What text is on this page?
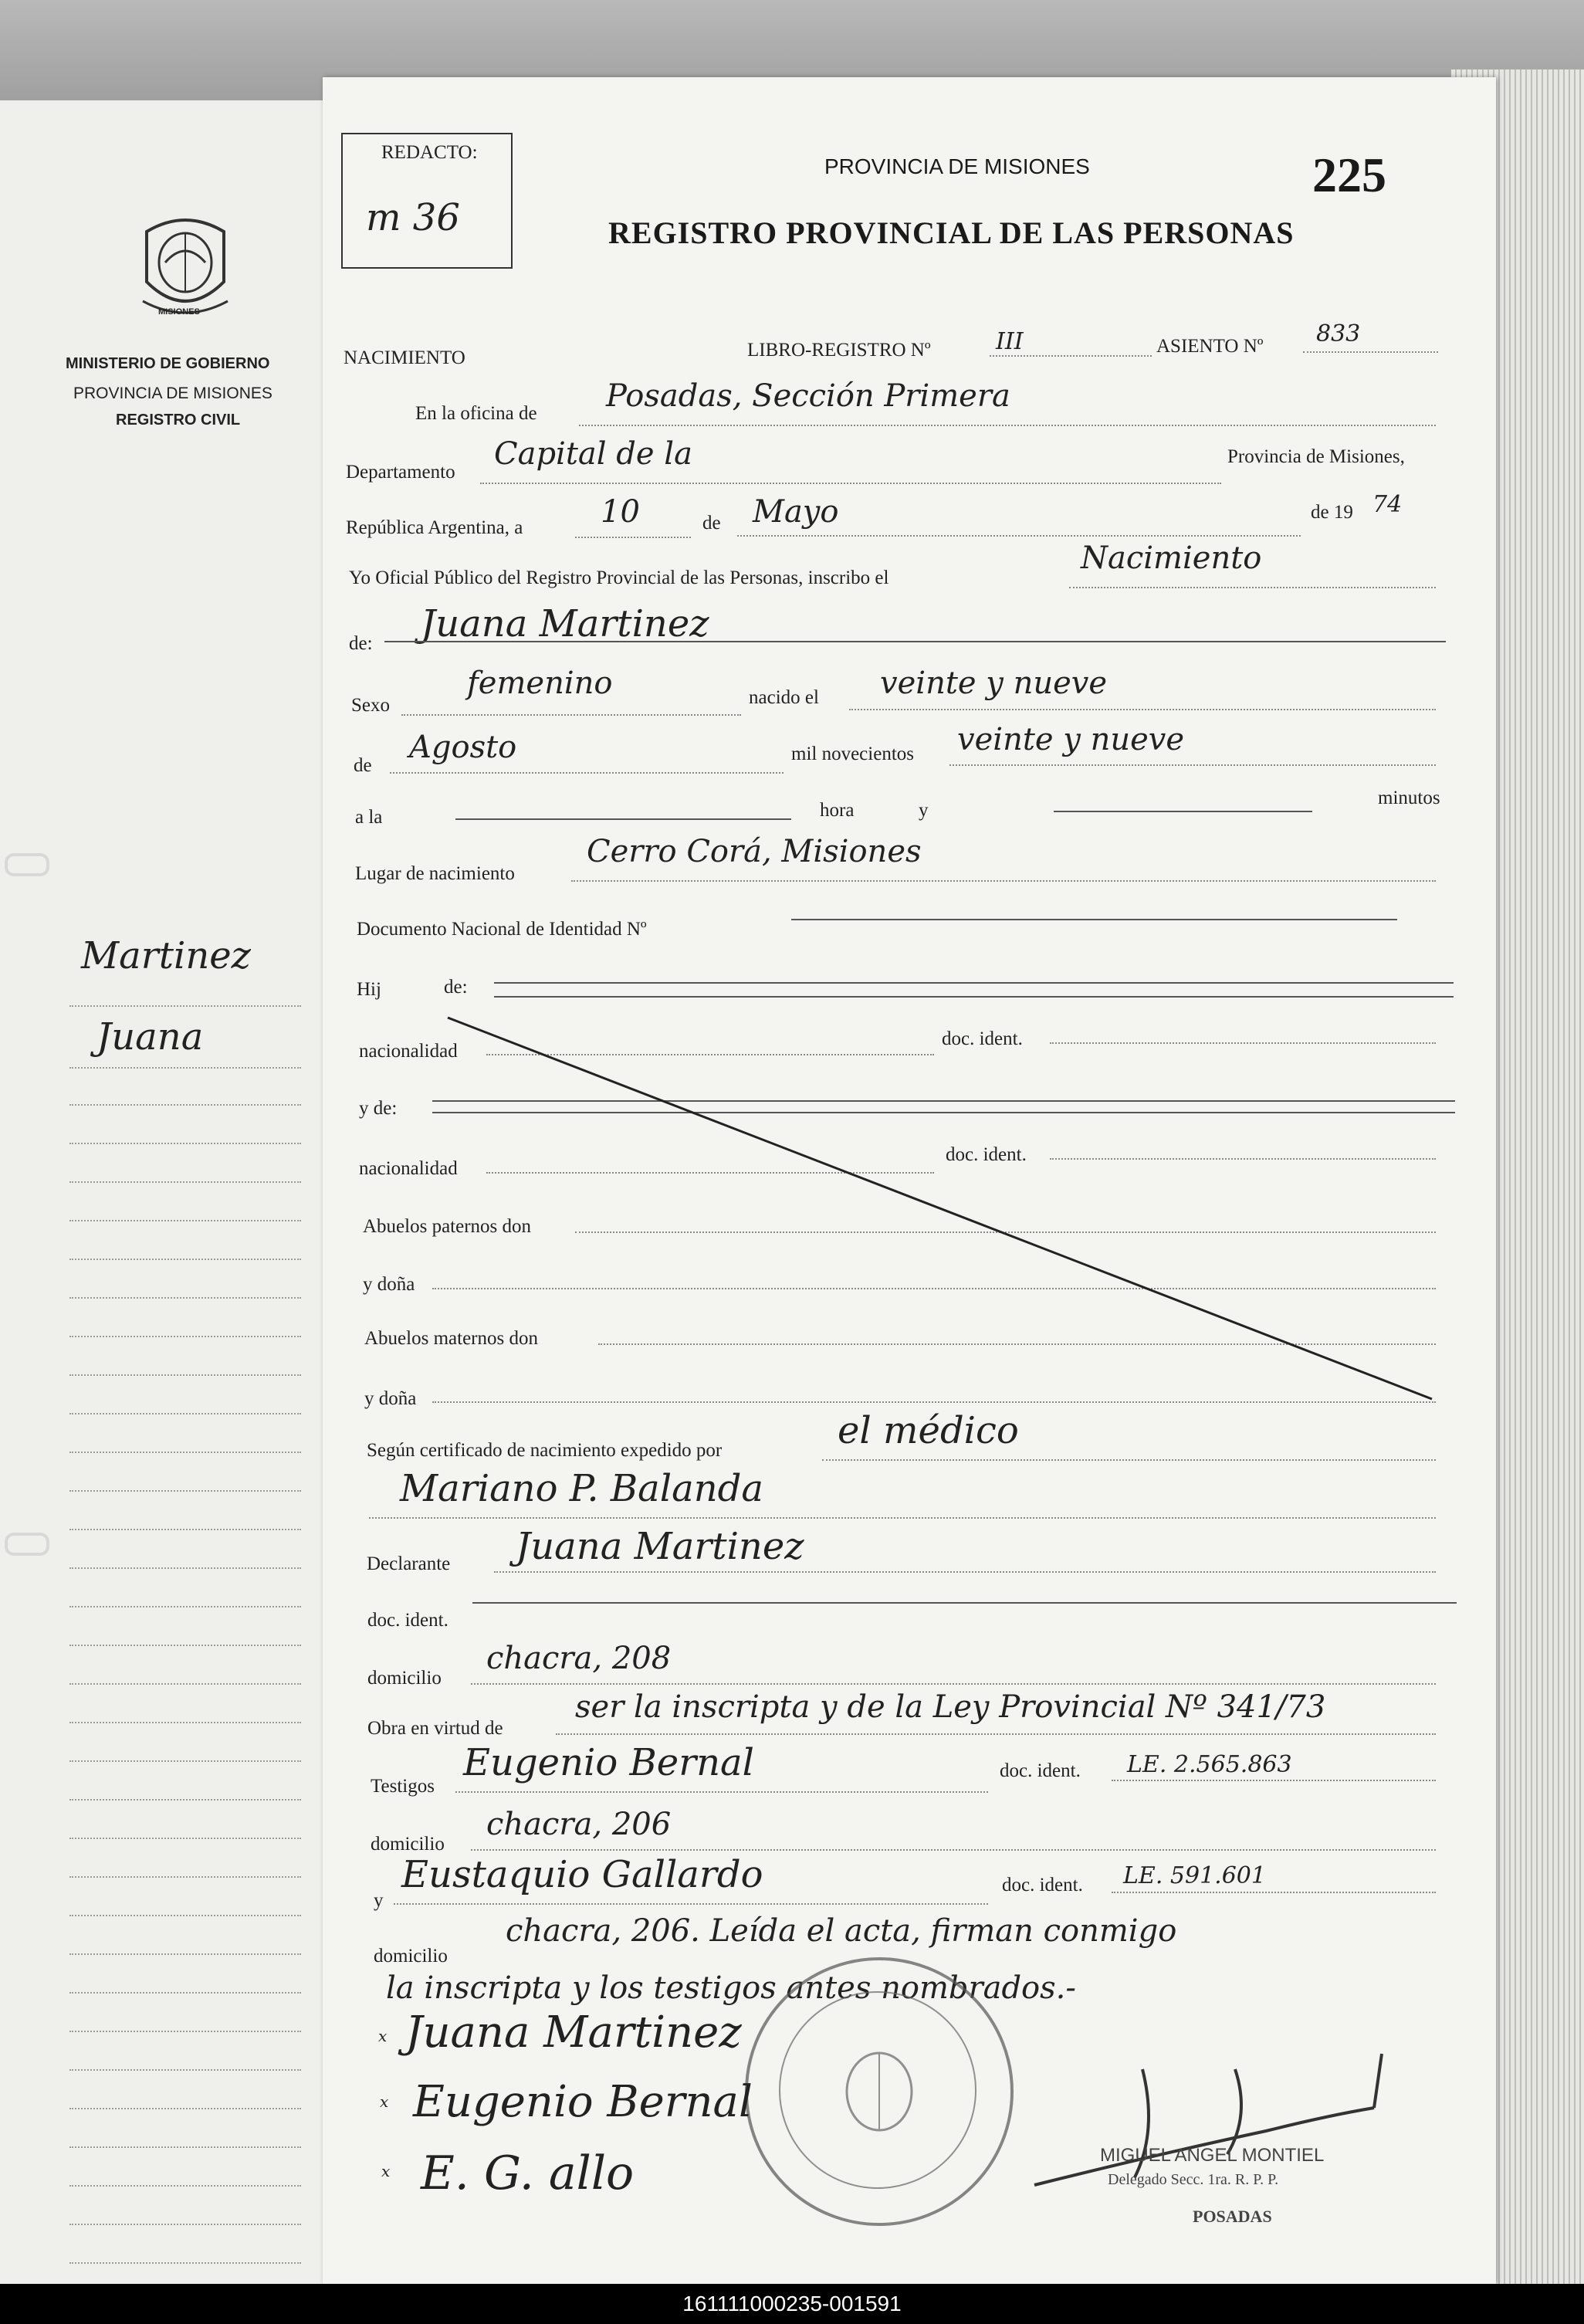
MISIONES
MINISTERIO DE GOBIERNO
PROVINCIA DE MISIONES
REGISTRO CIVIL
Martinez
Juana
REDACTO:
m 36
PROVINCIA DE MISIONES	225
REGISTRO PROVINCIAL DE LAS PERSONAS
NACIMIENTO	LIBRO-REGISTRO Nº	III	ASIENTO Nº 833
En la oficina de Posadas, Sección Primera
Departamento
Capital de la	Provincia de Misiones,
República Argentina, a	10	de Mayo	de 19 74
Yo Oficial Público del Registro Provincial de las Personas, inscribo el
Nacimiento
de: Juana Martinez
Sexo
femenino	nacido el veinte y nueve
de
Agosto	mil novecientos veinte y nueve
a la	hora	y
minutos
Lugar de nacimiento
Cerro Corá, Misiones
Documento Nacional de Identidad Nº
Hij	de:
nacionalidad
doc. ident.
y de:
nacionalidad
doc. ident.
Abuelos paternos don
y doña
Abuelos maternos don
y doña
Según certificado de nacimiento expedido por	el médico
Mariano P. Balanda
Declarante Juana Martinez
doc. ident.
domicilio
chacra, 208
Obra en virtud de
ser la inscripta y de la Ley Provincial Nº 341/73
Testigos
Eugenio Bernal	doc. ident. LE. 2.565.863
domicilio
chacra, 206
y
Eustaquio Gallardo	doc. ident. LE. 591.601
domicilio
chacra, 206. Leída el acta, firman conmigo
la inscripta y los testigos antes nombrados.-
x
x
x
Juana Martinez
Eugenio Bernal
E. G. allo	MIGUEL ANGEL MONTIEL
Delegado Secc. 1ra. R. P. P.
POSADAS
161111000235-001591
